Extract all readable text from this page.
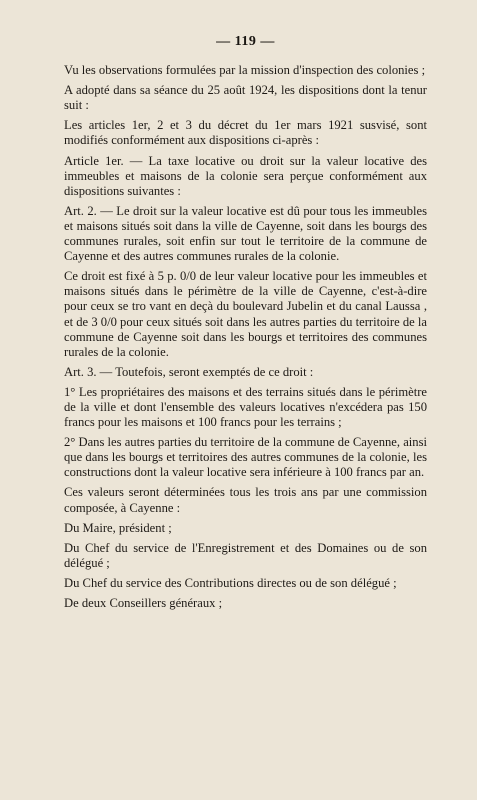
— 119 —

Vu les observations formulées par la mission d'inspection des colonies ;

A adopté dans sa séance du 25 août 1924, les dispositions dont la tenur suit :

Les articles 1er, 2 et 3 du décret du 1er mars 1921 susvisé, sont modifiés conformément aux dispositions ci-après :

Article 1er. — La taxe locative ou droit sur la valeur locative des immeubles et maisons de la colonie sera perçue conformément aux dispositions suivantes :

Art. 2. — Le droit sur la valeur locative est dû pour tous les immeubles et maisons situés soit dans la ville de Cayenne, soit dans les bourgs des communes rurales, soit enfin sur tout le territoire de la commune de Cayenne et des autres communes rurales de la colonie.

Ce droit est fixé à 5 p. 0/0 de leur valeur locative pour les immeubles et maisons situés dans le périmètre de la ville de Cayenne, c'est-à-dire pour ceux se tro vant en deçà du boulevard Jubelin et du canal Laussa , et de 3 0/0 pour ceux situés soit dans les autres parties du territoire de la commune de Cayenne soit dans les bourgs et territoires des communes rurales de la colonie.

Art. 3. — Toutefois, seront exemptés de ce droit :

1° Les propriétaires des maisons et des terrains situés dans le périmètre de la ville et dont l'ensemble des valeurs locatives n'excédera pas 150 francs pour les maisons et 100 francs pour les terrains ;

2° Dans les autres parties du territoire de la commune de Cayenne, ainsi que dans les bourgs et territoires des autres communes de la colonie, les constructions dont la valeur locative sera inférieure à 100 francs par an.

Ces valeurs seront déterminées tous les trois ans par une commission composée, à Cayenne :

Du Maire, président ;

Du Chef du service de l'Enregistrement et des Domaines ou de son délégué ;

Du Chef du service des Contributions directes ou de son délégué ;

De deux Conseillers généraux ;
